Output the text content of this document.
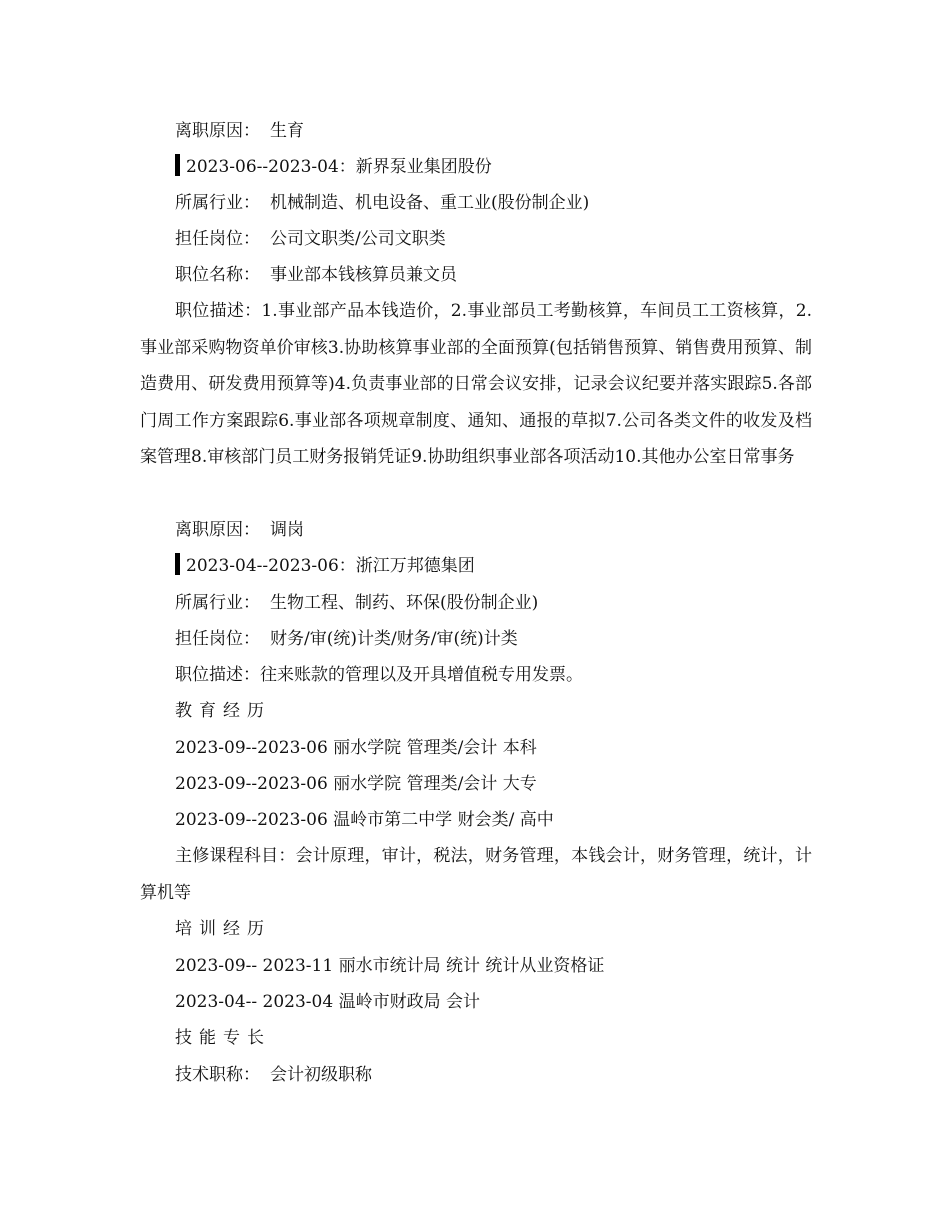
离职原因： 生育
2023-06--2023-04：新界泵业集团股份
所属行业： 机械制造、机电设备、重工业(股份制企业)
担任岗位： 公司文职类/公司文职类
职位名称： 事业部本钱核算员兼文员
职位描述：1.事业部产品本钱造价，2.事业部员工考勤核算，车间员工工资核算，2.事业部采购物资单价审核3.协助核算事业部的全面预算(包括销售预算、销售费用预算、制造费用、研发费用预算等)4.负责事业部的日常会议安排，记录会议纪要并落实跟踪5.各部门周工作方案跟踪6.事业部各项规章制度、通知、通报的草拟7.公司各类文件的收发及档案管理8.审核部门员工财务报销凭证9.协助组织事业部各项活动10.其他办公室日常事务
离职原因： 调岗
2023-04--2023-06：浙江万邦德集团
所属行业： 生物工程、制药、环保(股份制企业)
担任岗位： 财务/审(统)计类/财务/审(统)计类
职位描述：往来账款的管理以及开具增值税专用发票。
教育经历
2023-09--2023-06 丽水学院 管理类/会计 本科
2023-09--2023-06 丽水学院 管理类/会计 大专
2023-09--2023-06 温岭市第二中学 财会类/ 高中
主修课程科目：会计原理，审计，税法，财务管理，本钱会计，财务管理，统计，计算机等
培训经历
2023-09-- 2023-11 丽水市统计局 统计 统计从业资格证
2023-04-- 2023-04 温岭市财政局 会计
技能专长
技术职称： 会计初级职称
